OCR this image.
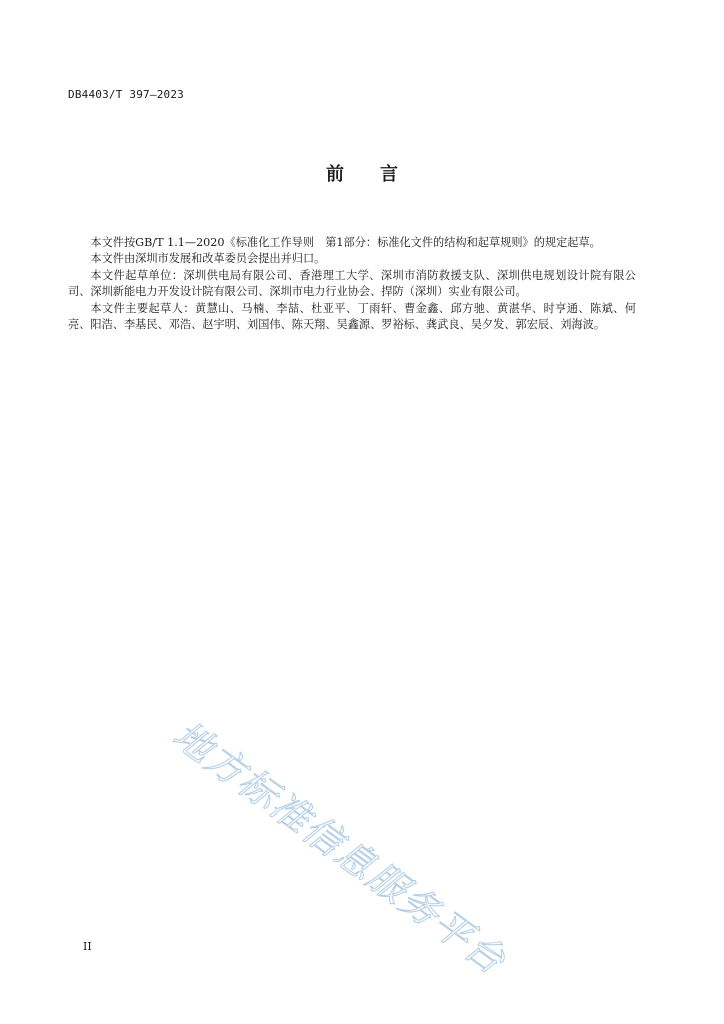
DB4403/T 397—2023
前言

本文件按GB/T 1.1—2020《标准化工作导则　第1部分：标准化文件的结构和起草规则》的规定起草。

本文件由深圳市发展和改革委员会提出并归口。

本文件起草单位：深圳供电局有限公司、香港理工大学、深圳市消防救援支队、深圳供电规划设计院有限公司、深圳新能电力开发设计院有限公司、深圳市电力行业协会、捍防（深圳）实业有限公司。

本文件主要起草人：黄慧山、马楠、李喆、杜亚平、丁雨轩、曹金鑫、邱方驰、黄湛华、时亨通、陈斌、何亮、阳浩、李基民、邓浩、赵宇明、刘国伟、陈天翔、吴鑫源、罗裕标、龚武良、吴夕发、郭宏辰、刘海波。

地方标准信息服务平台
II
